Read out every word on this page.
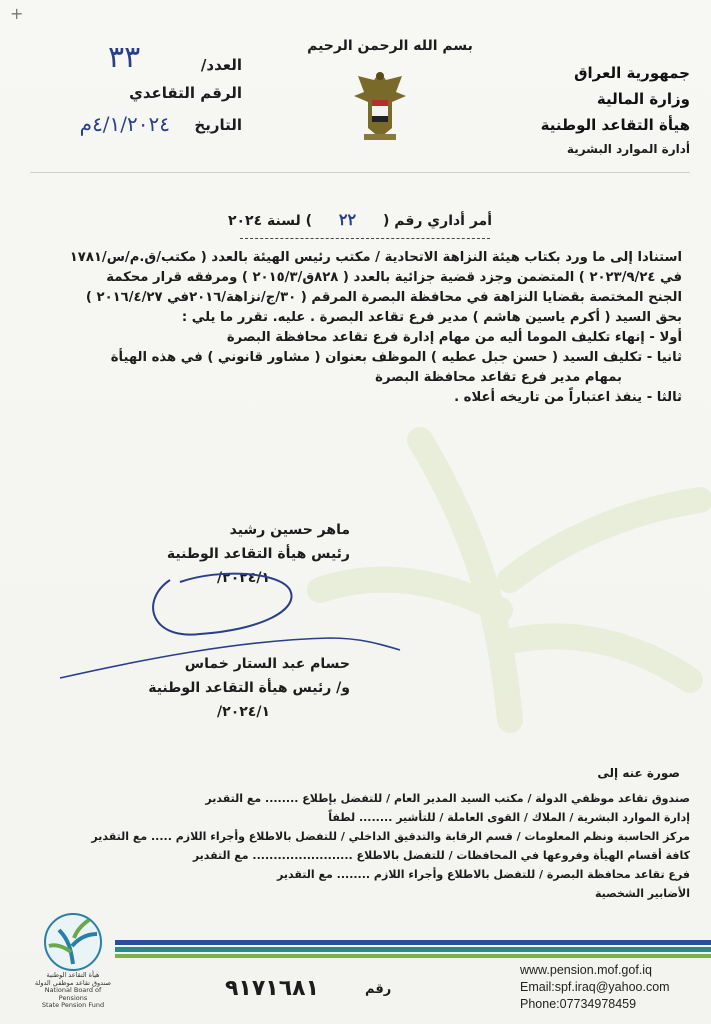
+
بسم الله الرحمن الرحيم
جمهورية العراق
وزارة المالية
هيأة التقاعد الوطنية
أدارة الموارد البشرية
العدد/
٣٣
الرقم التقاعدي
التاريخ
٤/١/٢٠٢٤م
أمر أداري رقم ( ٢٢ ) لسنة ٢٠٢٤

استنادا إلى ما ورد بكتاب هيئة النزاهة الاتحادية / مكتب رئيس الهيئة بالعدد ( مكتب/ق.م/س/١٧٨١

في ٢٠٢٣/٩/٢٤ ) المتضمن وجزد قضية جزائية بالعدد ( ٨٢٨ق/٢٠١٥/٣ ) ومرفقه قرار محكمة

الجنح المختصة بقضايا النزاهة في محافظة البصرة المرقم ( ٣٠/ج/نزاهة/٢٠١٦في ٢٠١٦/٤/٢٧ )

بحق السيد ( أكرم ياسين هاشم ) مدير فرع تقاعد البصرة . عليه. تقرر ما يلي :

أولا - إنهاء تكليف الموما أليه من مهام إدارة فرع تقاعد محافظة البصرة

ثانيا - تكليف السيد ( حسن جبل عطيه ) الموظف بعنوان ( مشاور قانوني ) في هذه الهيأة

بمهام مدير فرع تقاعد محافظة البصرة

ثالثا - ينفذ اعتباراً من تاريخه أعلاه .

ماهر حسين رشيد
رئيس هيأة التقاعد الوطنية
٢٠٢٤/١/
حسام عبد الستار خماس
و/ رئيس هيأة التقاعد الوطنية
٢٠٢٤/١/
صورة عنه إلى
صندوق تقاعد موظفي الدولة / مكتب السيد المدير العام / للتفضل بإطلاع ........ مع التقدير
إدارة الموارد البشرية / الملاك / القوى العاملة / للتأشير ........ لطفاً
مركز الحاسبة ونظم المعلومات / قسم الرقابة والتدقيق الداخلي / للتفضل بالاطلاع وأجراء اللازم ..... مع التقدير
كافة أقسام الهيأة وفروعها في المحافظات / للتفضل بالاطلاع ........................ مع التقدير
فرع تقاعد محافظة البصرة / للتفضل بالاطلاع وأجراء اللازم ........ مع التقدير
الأضابير الشخصية
هيأة التقاعد الوطنية
صندوق تقاعد موظفي الدولة
National Board of Pensions
State Pension Fund
رقم
٩١٧١٦٨١
www.pension.mof.gof.iq
Email:spf.iraq@yahoo.com
Phone:07734978459
